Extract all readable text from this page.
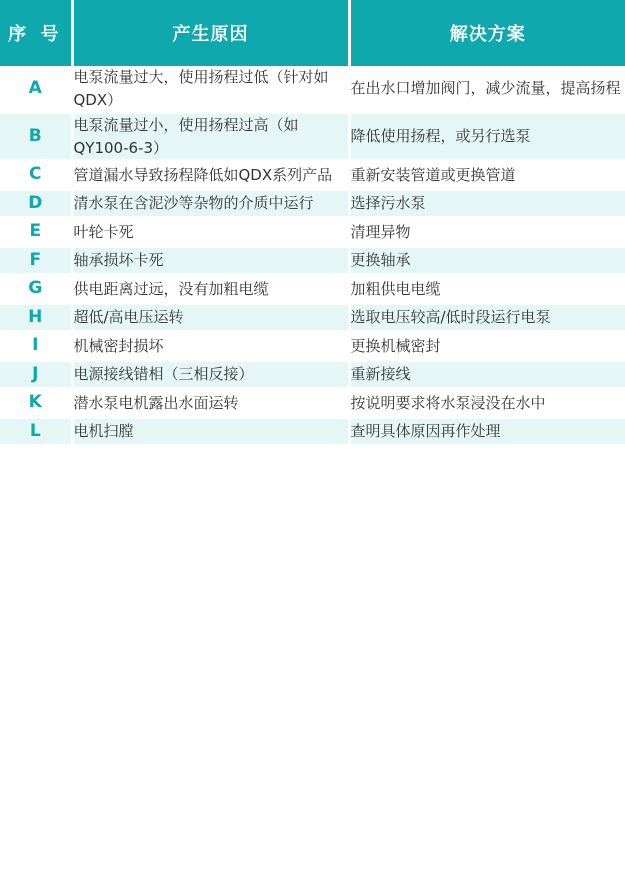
序 号	产生原因	解决方案
A	电泵流量过大，使用扬程过低（针对如QDX）	在出水口增加阀门，减少流量，提高扬程
B	电泵流量过小，使用扬程过高（如QY100-6-3）	降低使用扬程，或另行选泵
C	管道漏水导致扬程降低如QDX系列产品	重新安装管道或更换管道
D	清水泵在含泥沙等杂物的介质中运行	选择污水泵
E	叶轮卡死	清理异物
F	轴承损坏卡死	更换轴承
G	供电距离过远，没有加粗电缆	加粗供电电缆
H	超低/高电压运转	选取电压较高/低时段运行电泵
I	机械密封损坏	更换机械密封
J	电源接线错相（三相反接）	重新接线
K	潜水泵电机露出水面运转	按说明要求将水泵浸没在水中
L	电机扫膛	查明具体原因再作处理
